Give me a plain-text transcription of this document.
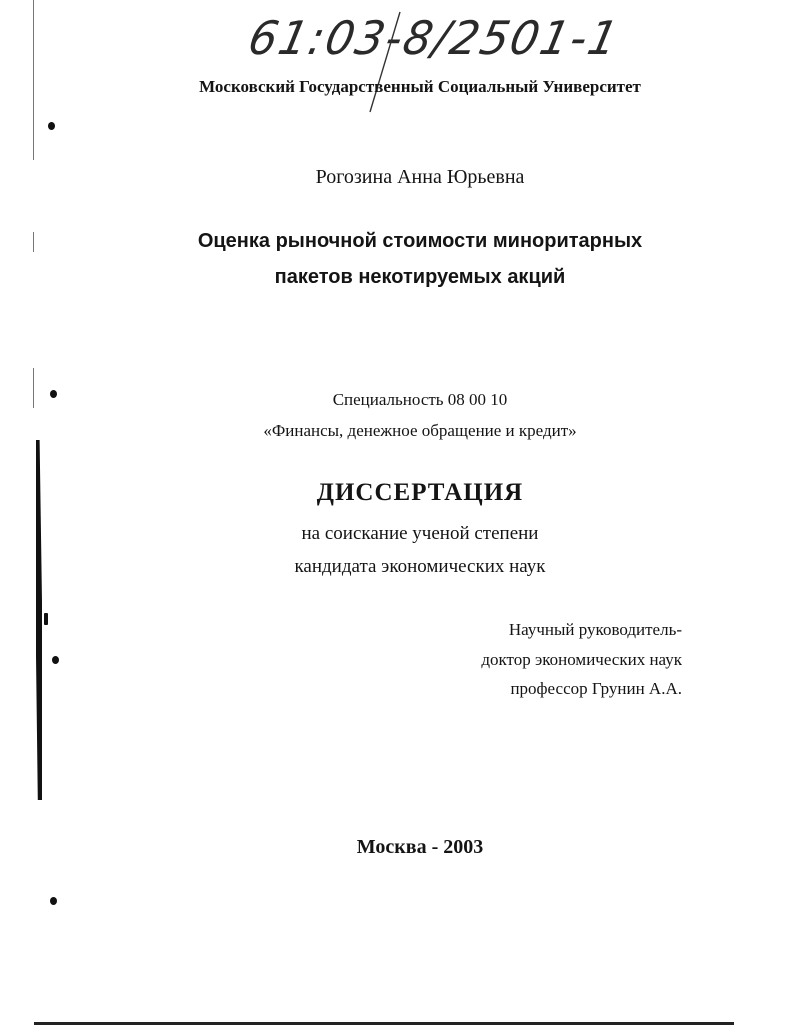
61:03-8/2501-1
Московский Государственный Социальный Университет
Рогозина Анна Юрьевна
Оценка рыночной стоимости миноритарных
пакетов некотируемых акций
Специальность 08 00 10
«Финансы, денежное обращение и кредит»
ДИССЕРТАЦИЯ
на соискание ученой степени
кандидата экономических наук
Научный руководитель-
доктор экономических наук
профессор Грунин А.А.
Москва - 2003
